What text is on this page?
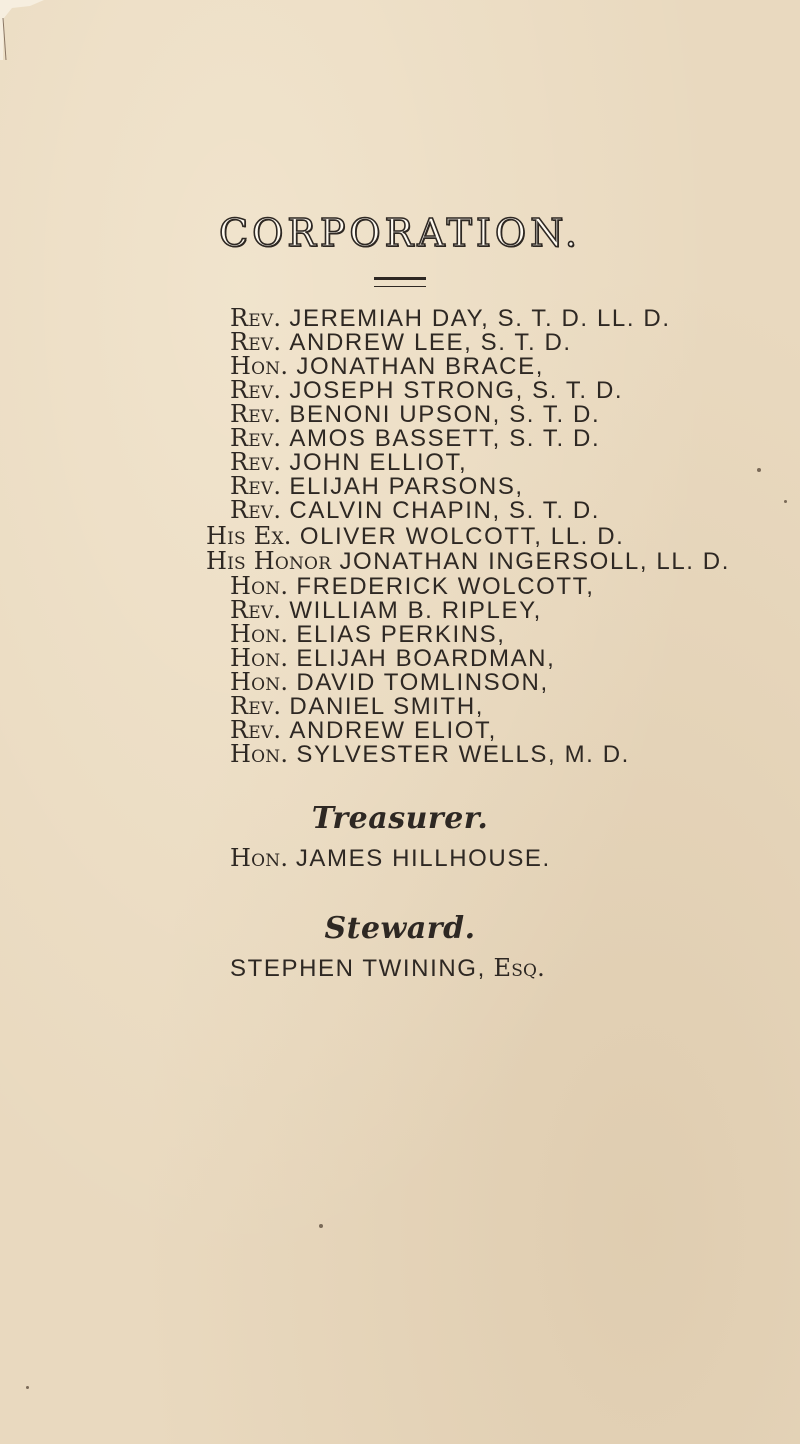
CORPORATION.
Rev. JEREMIAH DAY, S. T. D. LL. D.
Rev. ANDREW LEE, S. T. D.
Hon. JONATHAN BRACE,
Rev. JOSEPH STRONG, S. T. D.
Rev. BENONI UPSON, S. T. D.
Rev. AMOS BASSETT, S. T. D.
Rev. JOHN ELLIOT,
Rev. ELIJAH PARSONS,
Rev. CALVIN CHAPIN, S. T. D.
His Ex. OLIVER WOLCOTT, LL. D.
His Honor JONATHAN INGERSOLL, LL. D.
Hon. FREDERICK WOLCOTT,
Rev. WILLIAM B. RIPLEY,
Hon. ELIAS PERKINS,
Hon. ELIJAH BOARDMAN,
Hon. DAVID TOMLINSON,
Rev. DANIEL SMITH,
Rev. ANDREW ELIOT,
Hon. SYLVESTER WELLS, M. D.
Treasurer.
Hon. JAMES HILLHOUSE.
Steward.
STEPHEN TWINING, Esq.
